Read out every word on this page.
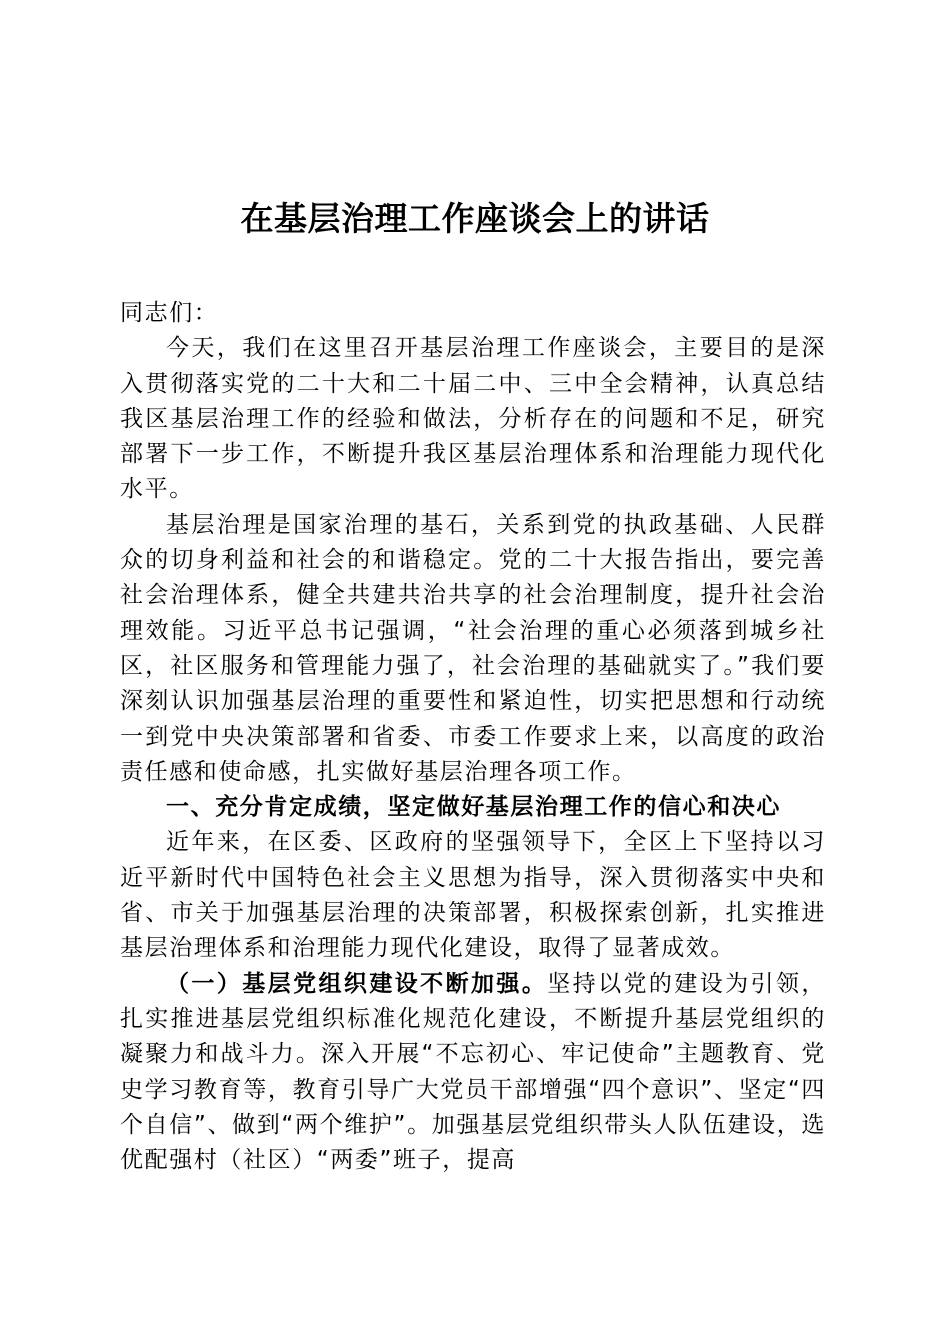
在基层治理工作座谈会上的讲话

同志们：

今天，我们在这里召开基层治理工作座谈会，主要目的是深入贯彻落实党的二十大和二十届二中、三中全会精神，认真总结我区基层治理工作的经验和做法，分析存在的问题和不足，研究部署下一步工作，不断提升我区基层治理体系和治理能力现代化水平。

基层治理是国家治理的基石，关系到党的执政基础、人民群众的切身利益和社会的和谐稳定。党的二十大报告指出，要完善社会治理体系，健全共建共治共享的社会治理制度，提升社会治理效能。习近平总书记强调，“社会治理的重心必须落到城乡社区，社区服务和管理能力强了，社会治理的基础就实了。”我们要深刻认识加强基层治理的重要性和紧迫性，切实把思想和行动统一到党中央决策部署和省委、市委工作要求上来，以高度的政治责任感和使命感，扎实做好基层治理各项工作。

一、充分肯定成绩，坚定做好基层治理工作的信心和决心

近年来，在区委、区政府的坚强领导下，全区上下坚持以习近平新时代中国特色社会主义思想为指导，深入贯彻落实中央和省、市关于加强基层治理的决策部署，积极探索创新，扎实推进基层治理体系和治理能力现代化建设，取得了显著成效。

（一）基层党组织建设不断加强。坚持以党的建设为引领，扎实推进基层党组织标准化规范化建设，不断提升基层党组织的凝聚力和战斗力。深入开展“不忘初心、牢记使命”主题教育、党史学习教育等，教育引导广大党员干部增强“四个意识”、坚定“四个自信”、做到“两个维护”。加强基层党组织带头人队伍建设，选优配强村（社区）“两委”班子，提高
